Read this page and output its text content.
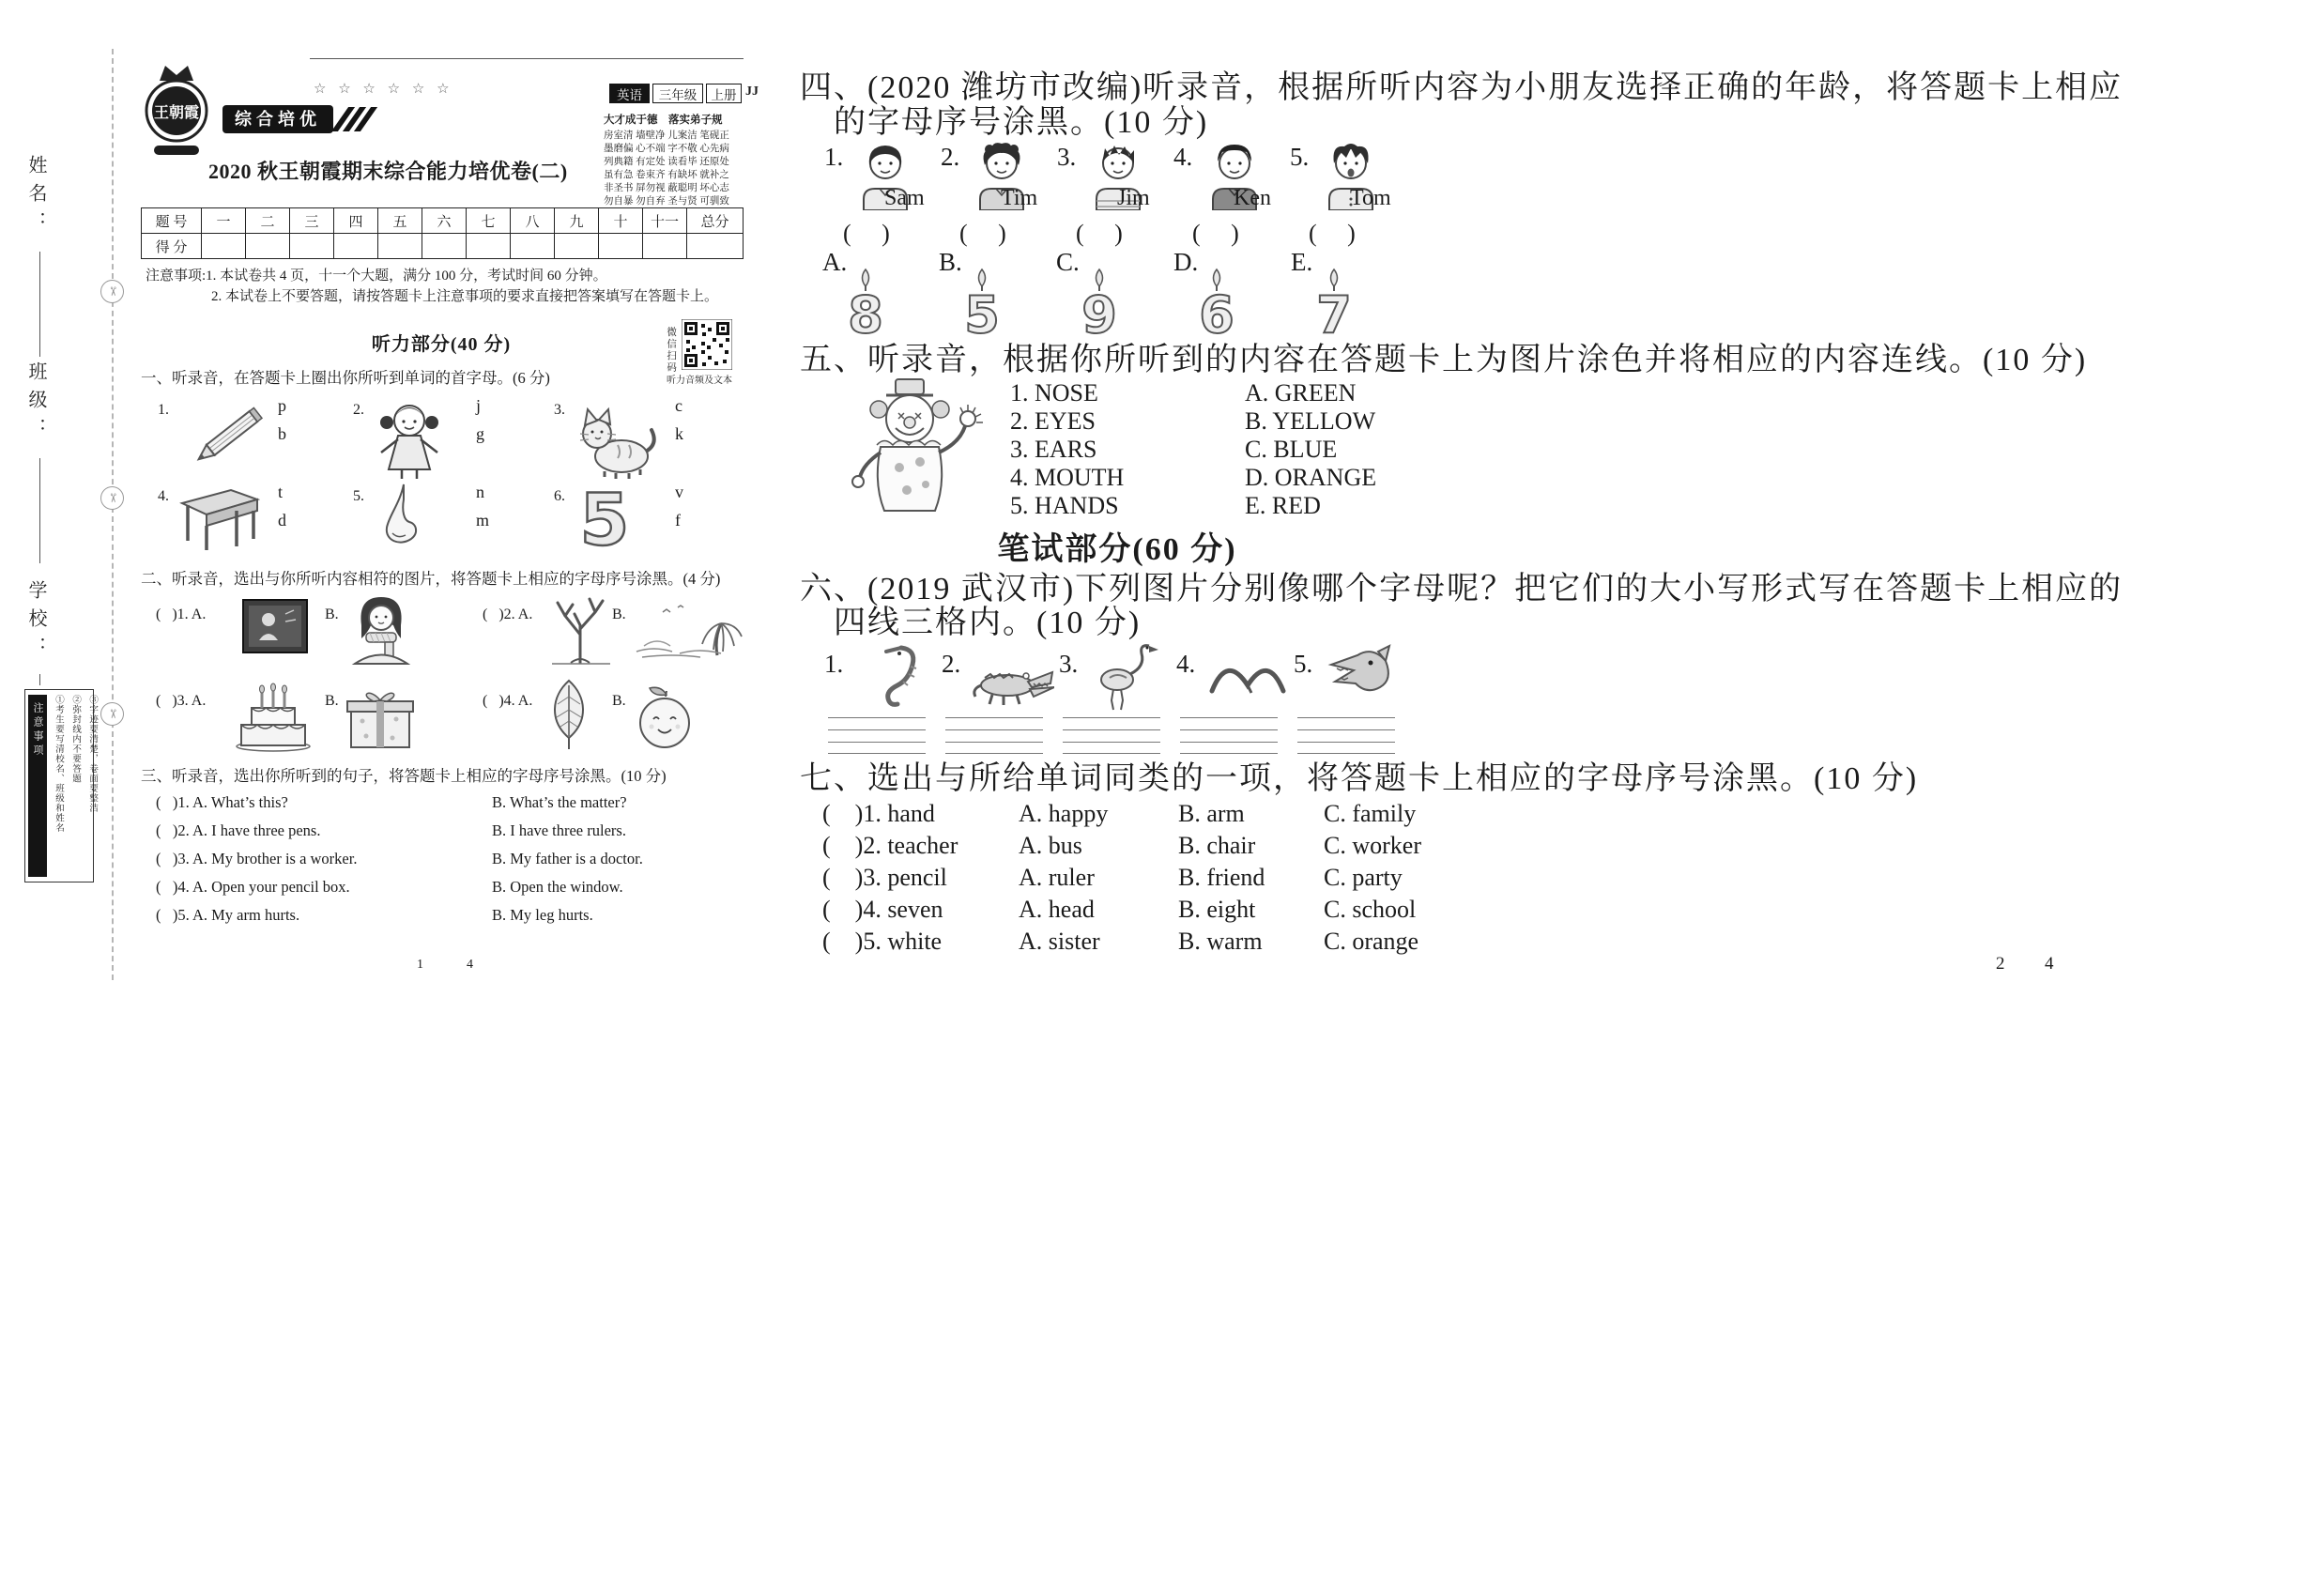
✂
✂
✂
姓名：
班级：
学校：
注意事项	①考生要写清校名、班级和姓名 ②弥封线内不要答题 ③字迹要清楚，卷面要整洁
☆ ☆ ☆ ☆ ☆ ☆
王朝霞	综合培优
英语	三年级	上册 JJ
2020 秋王朝霞期末综合能力培优卷(二)
大才成于德　落实弟子规
房室清 墙壁净 儿案洁 笔砚正
墨磨偏 心不端 字不敬 心先病
列典籍 有定处 读看毕 还原处
虽有急 卷束齐 有缺坏 就补之
非圣书 屏勿视 蔽聪明 坏心志
勿自暴 勿自弃 圣与贤 可驯致
题 号	一	二	三	四	五	六	七	八	九	十	十一	总分
得 分												
注意事项:1. 本试卷共 4 页，十一个大题，满分 100 分，考试时间 60 分钟。
2. 本试卷上不要答题，请按答题卡上注意事项的要求直接把答案填写在答题卡上。
微信扫码
听力音频及文本
听力部分(40 分)
一、听录音，在答题卡上圈出你所听到单词的首字母。(6 分)
1.	p
b
2.	j
g
3.	c
k
4.	t
d
5.	n
m
6. 5	v
f
二、听录音，选出与你所听内容相符的图片，将答题卡上相应的字母序号涂黑。(4 分)
(   )1. A.	B.	(   )2. A.	B.
(   )3. A.	B.	(   )4. A.	B.
三、听录音，选出你所听到的句子，将答题卡上相应的字母序号涂黑。(10 分)
(   )1. A. What’s this?	B. What’s the matter?
(   )2. A. I have three pens.	B. I have three rulers.
(   )3. A. My brother is a worker.	B. My father is a doctor.
(   )4. A. Open your pencil box.	B. Open the window.
(   )5. A. My arm hurts.	B. My leg hurts.
1	4
四、(2020 潍坊市改编)听录音，根据所听内容为小朋友选择正确的年龄，将答题卡上相应
的字母序号涂黑。(10 分)
1.
Sam
2.
Tim
3.
Jim
4.
Ken
5.
Tom
(     )	(     )	(     )	(     )	(     )
A.	B.	C.	D.	E.
8 5 9 6 7
五、听录音，根据你所听到的内容在答题卡上为图片涂色并将相应的内容连线。(10 分)
1. NOSE
2. EYES
3. EARS
4. MOUTH
5. HANDS
A. GREEN
B. YELLOW
C. BLUE
D. ORANGE
E. RED
笔试部分(60 分)
六、(2019 武汉市)下列图片分别像哪个字母呢？把它们的大小写形式写在答题卡上相应的
四线三格内。(10 分)
1.	2.	3.	4.	5.
七、选出与所给单词同类的一项，将答题卡上相应的字母序号涂黑。(10 分)
(    )1. hand	A. happy	B. arm	C. family
(    )2. teacher A. bus	B. chair	C. worker
(    )3. pencil	A. ruler	B. friend C. party
(    )4. seven	A. head	B. eight	C. school
(    )5. white	A. sister	B. warm	C. orange
2 4
